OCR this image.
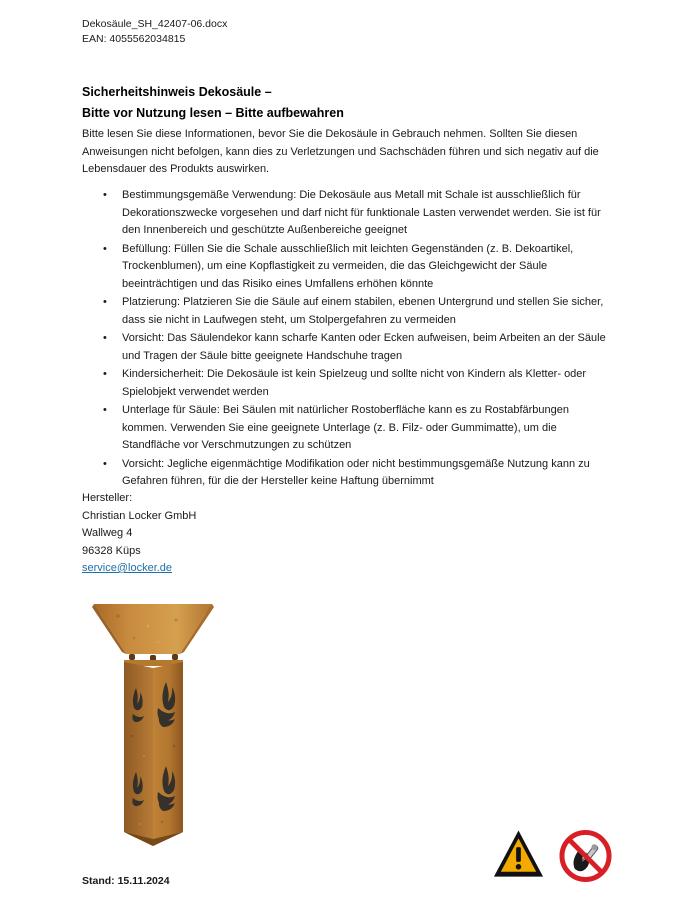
Dekosäule_SH_42407-06.docx
EAN: 4055562034815
Sicherheitshinweis Dekosäule –
Bitte vor Nutzung lesen – Bitte aufbewahren
Bitte lesen Sie diese Informationen, bevor Sie die Dekosäule in Gebrauch nehmen. Sollten Sie diesen Anweisungen nicht befolgen, kann dies zu Verletzungen und Sachschäden führen und sich negativ auf die Lebensdauer des Produkts auswirken.
• Bestimmungsgemäße Verwendung: Die Dekosäule aus Metall mit Schale ist ausschließlich für Dekorationszwecke vorgesehen und darf nicht für funktionale Lasten verwendet werden. Sie ist für den Innenbereich und geschützte Außenbereiche geeignet
• Befüllung: Füllen Sie die Schale ausschließlich mit leichten Gegenständen (z. B. Dekoartikel, Trockenblumen), um eine Kopflastigkeit zu vermeiden, die das Gleichgewicht der Säule beeinträchtigen und das Risiko eines Umfallens erhöhen könnte
• Platzierung: Platzieren Sie die Säule auf einem stabilen, ebenen Untergrund und stellen Sie sicher, dass sie nicht in Laufwegen steht, um Stolpergefahren zu vermeiden
• Vorsicht: Das Säulendekor kann scharfe Kanten oder Ecken aufweisen, beim Arbeiten an der Säule und Tragen der Säule bitte geeignete Handschuhe tragen
• Kindersicherheit: Die Dekosäule ist kein Spielzeug und sollte nicht von Kindern als Kletter- oder Spielobjekt verwendet werden
• Unterlage für Säule: Bei Säulen mit natürlicher Rostoberfläche kann es zu Rostabfärbungen kommen. Verwenden Sie eine geeignete Unterlage (z. B. Filz- oder Gummimatte), um die Standfläche vor Verschmutzungen zu schützen
• Vorsicht: Jegliche eigenmächtige Modifikation oder nicht bestimmungsgemäße Nutzung kann zu Gefahren führen, für die der Hersteller keine Haftung übernimmt
Hersteller:
Christian Locker GmbH
Wallweg 4
96328 Küps
service@locker.de
Stand: 15.11.2024
